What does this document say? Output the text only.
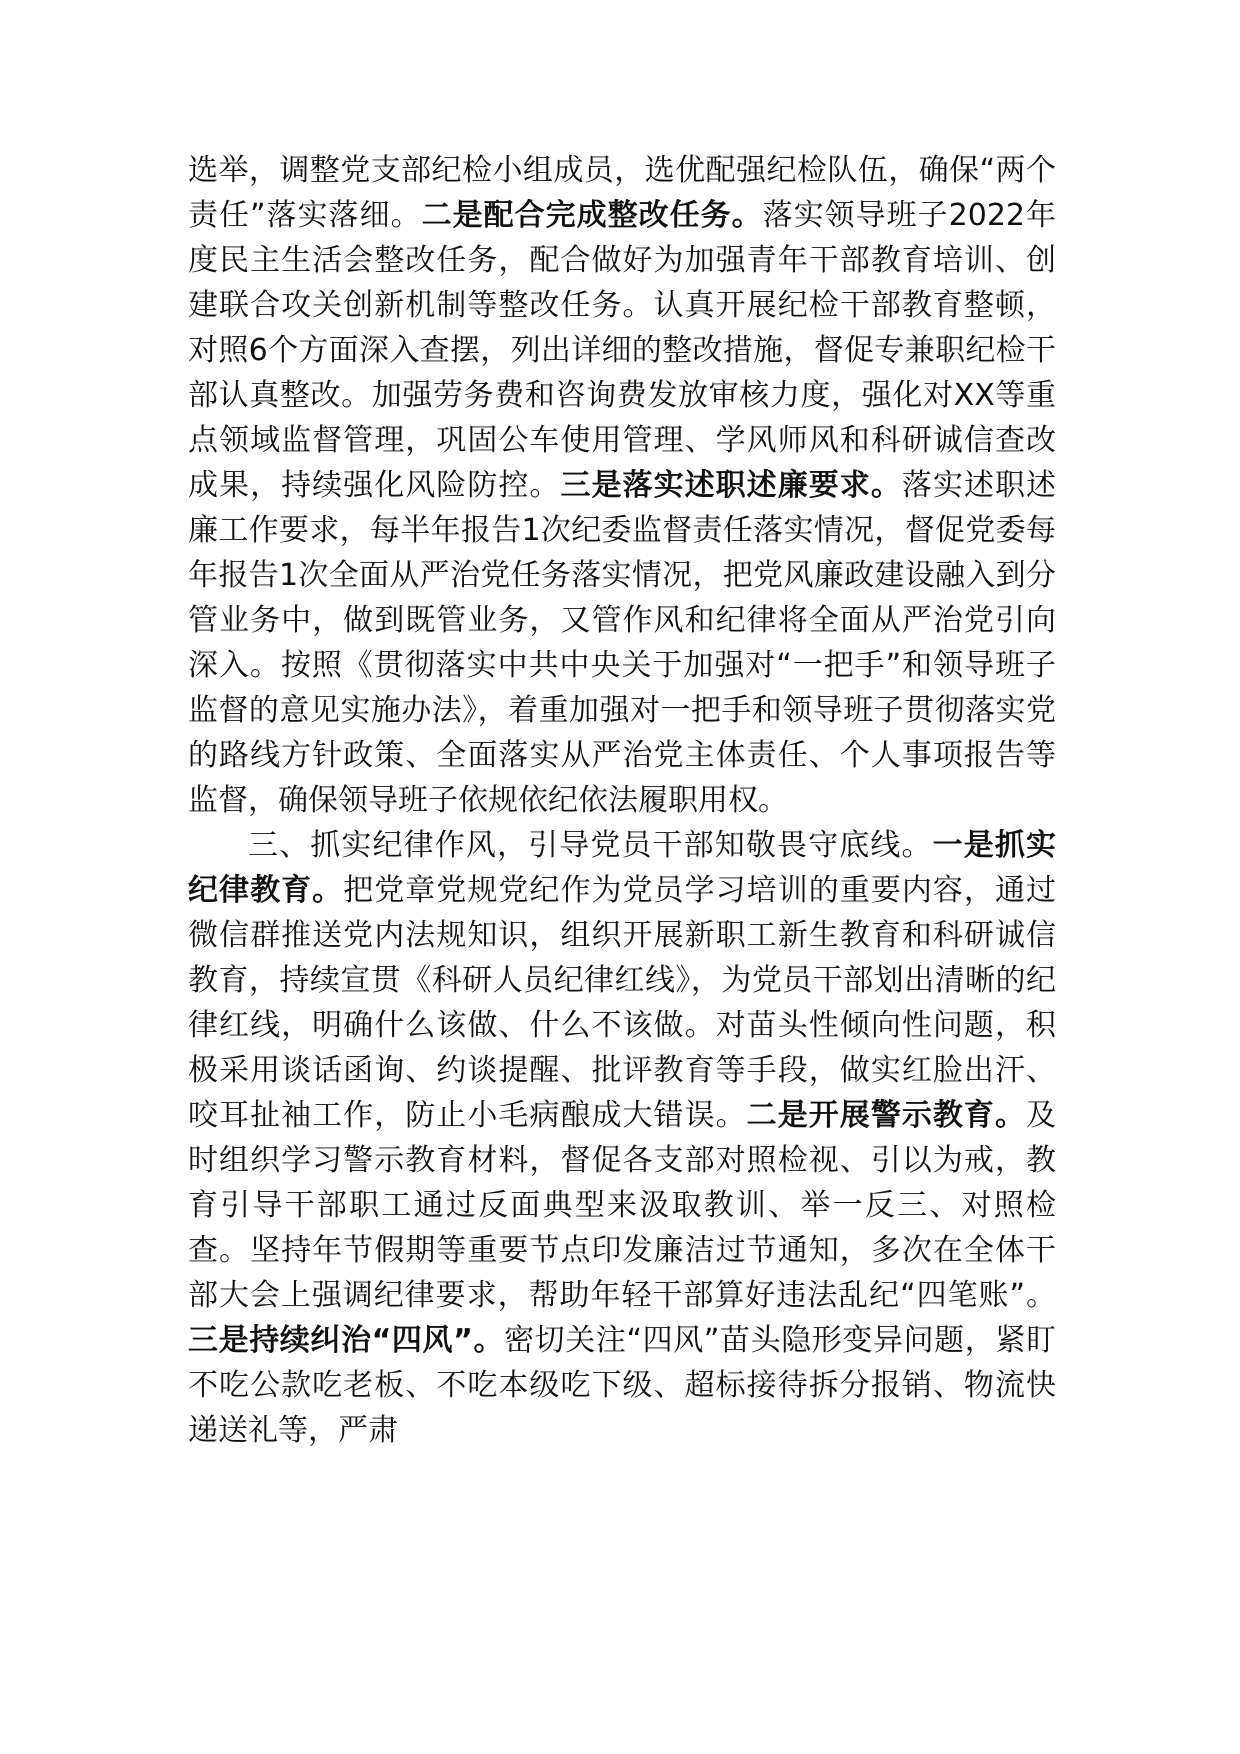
选举，调整党支部纪检小组成员，选优配强纪检队伍，确保“两个责任”落实落细。二是配合完成整改任务。落实领导班子2022年度民主生活会整改任务，配合做好为加强青年干部教育培训、创建联合攻关创新机制等整改任务。认真开展纪检干部教育整顿，对照6个方面深入查摆，列出详细的整改措施，督促专兼职纪检干部认真整改。加强劳务费和咨询费发放审核力度，强化对XX等重点领域监督管理，巩固公车使用管理、学风师风和科研诚信查改成果，持续强化风险防控。三是落实述职述廉要求。落实述职述廉工作要求，每半年报告1次纪委监督责任落实情况，督促党委每年报告1次全面从严治党任务落实情况，把党风廉政建设融入到分管业务中，做到既管业务，又管作风和纪律将全面从严治党引向深入。按照《贯彻落实中共中央关于加强对“一把手”和领导班子监督的意见实施办法》，着重加强对一把手和领导班子贯彻落实党的路线方针政策、全面落实从严治党主体责任、个人事项报告等监督，确保领导班子依规依纪依法履职用权。

三、抓实纪律作风，引导党员干部知敬畏守底线。一是抓实纪律教育。把党章党规党纪作为党员学习培训的重要内容，通过微信群推送党内法规知识，组织开展新职工新生教育和科研诚信教育，持续宣贯《科研人员纪律红线》，为党员干部划出清晰的纪律红线，明确什么该做、什么不该做。对苗头性倾向性问题，积极采用谈话函询、约谈提醒、批评教育等手段，做实红脸出汗、咬耳扯袖工作，防止小毛病酿成大错误。二是开展警示教育。及时组织学习警示教育材料，督促各支部对照检视、引以为戒，教育引导干部职工通过反面典型来汲取教训、举一反三、对照检查。坚持年节假期等重要节点印发廉洁过节通知，多次在全体干部大会上强调纪律要求，帮助年轻干部算好违法乱纪“四笔账”。三是持续纠治“四风”。密切关注“四风”苗头隐形变异问题，紧盯不吃公款吃老板、不吃本级吃下级、超标接待拆分报销、物流快递送礼等，严肃
